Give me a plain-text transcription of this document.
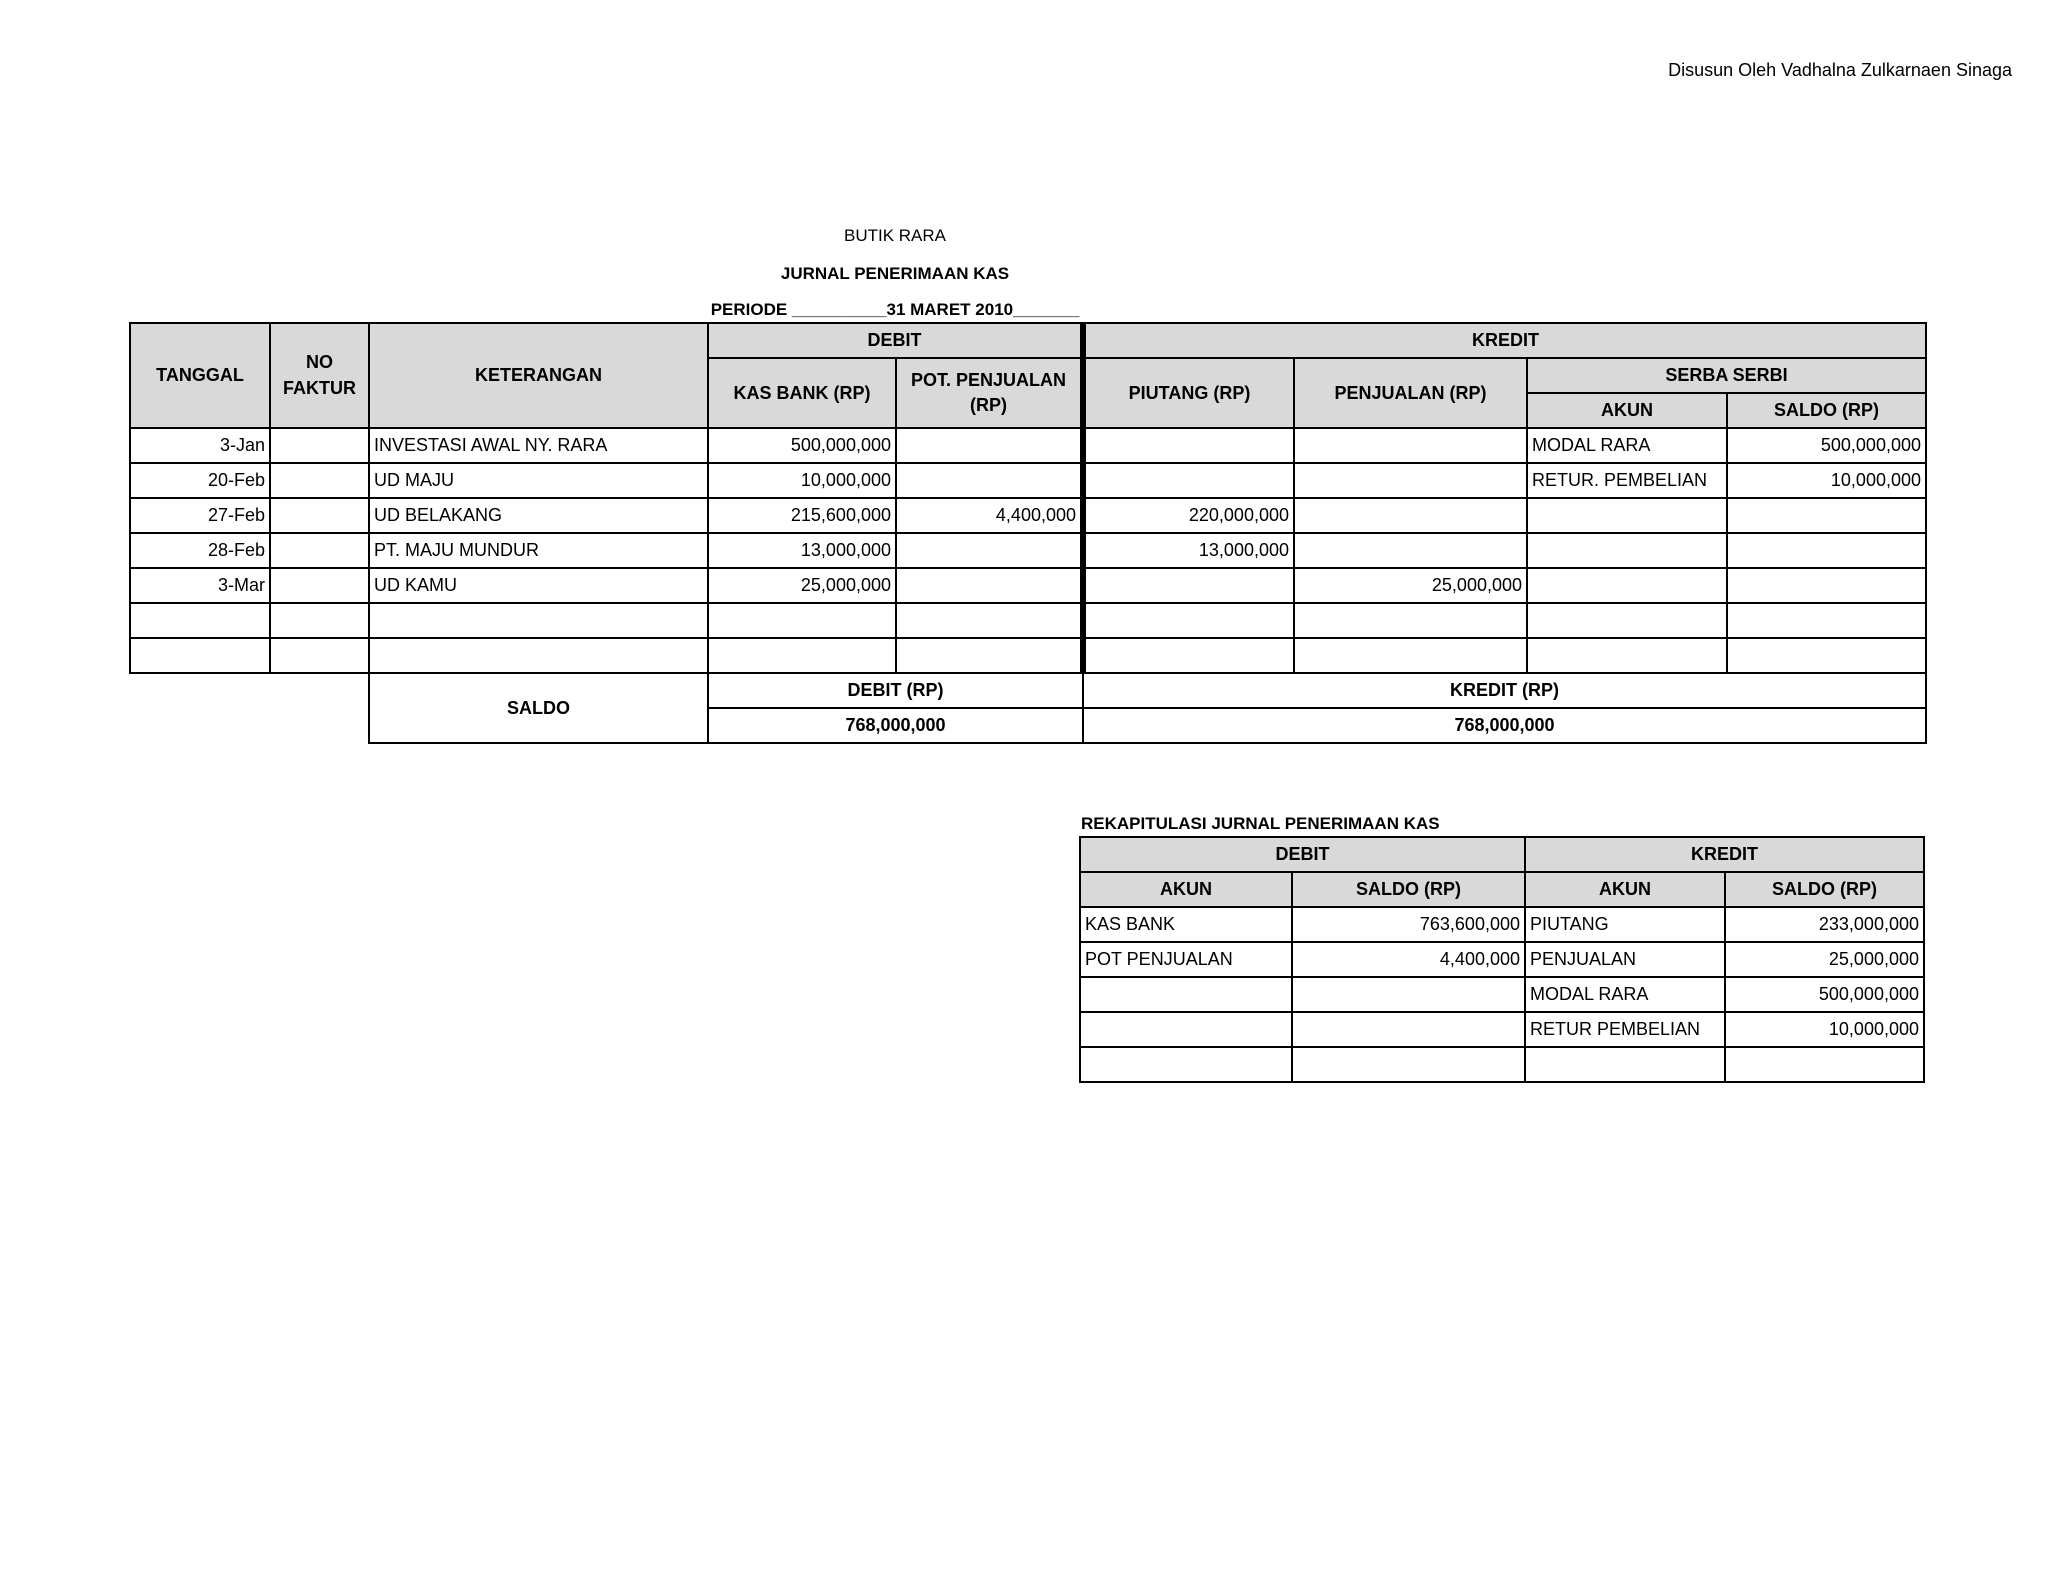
Disusun Oleh Vadhalna Zulkarnaen Sinaga
BUTIK RARA
JURNAL PENERIMAAN KAS
PERIODE __________31 MARET 2010_______
TANGGAL	NO FAKTUR	KETERANGAN	DEBIT		KREDIT			
			KAS BANK (RP)	POT. PENJUALAN (RP)	PIUTANG (RP)	PENJUALAN (RP)	SERBA SERBI	
							AKUN	SALDO (RP)
3-Jan		INVESTASI AWAL NY. RARA	500,000,000				MODAL RARA	500,000,000
20-Feb		UD MAJU	10,000,000				RETUR. PEMBELIAN	10,000,000
27-Feb		UD BELAKANG	215,600,000	4,400,000	220,000,000			
28-Feb		PT. MAJU MUNDUR	13,000,000		13,000,000			
3-Mar		UD KAMU	25,000,000			25,000,000		

		SALDO	DEBIT (RP)		KREDIT (RP)			
			768,000,000		768,000,000			
REKAPITULASI JURNAL PENERIMAAN KAS
DEBIT		KREDIT	
AKUN	SALDO (RP)	AKUN	SALDO (RP)
KAS BANK	763,600,000	PIUTANG	233,000,000
POT PENJUALAN	4,400,000	PENJUALAN	25,000,000
		MODAL RARA	500,000,000
		RETUR PEMBELIAN	10,000,000
